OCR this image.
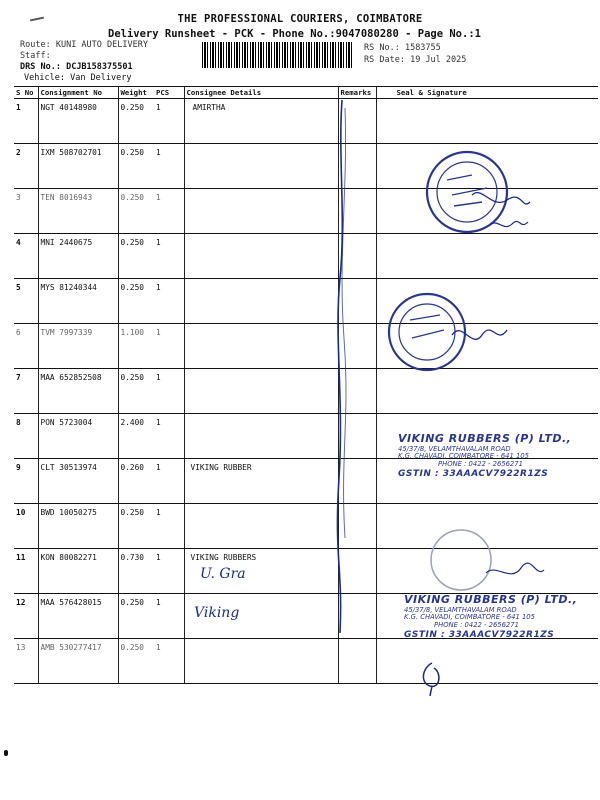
THE PROFESSIONAL COURIERS, COIMBATORE
Delivery Runsheet - PCK - Phone No.:9047080280 - Page No.:1
Route: KUNI AUTO DELIVERY
Staff:
DRS No.: DCJB158375501
Vehicle: Van Delivery
RS No.: 1583755
RS Date: 19 Jul 2025
S No	Consignment No	Weight	PCS	Consignee Details	Remarks	Seal & Signature
1	NGT 40148980	0.250	1	AMIRTHA		
2	IXM 508702701	0.250	1			
3	TEN 8016943	0.250	1			
4	MNI 2440675	0.250	1			
5	MYS 81240344	0.250	1			
6	TVM 7997339	1.100	1			
7	MAA 652852508	0.250	1			
8	PON 5723004	2.400	1			
9	CLT 30513974	0.260	1	VIKING RUBBER		
10	BWD 10050275	0.250	1			
11	KON 80082271	0.730	1	VIKING RUBBERS		
12	MAA 576428015	0.250	1			
13	AMB 530277417	0.250	1			
VIKING RUBBERS (P) LTD.,
45/37/8, VELAMTHAVALAM ROAD
K.G. CHAVADI, COIMBATORE - 641 105
PHONE : 0422 - 2656271
GSTIN : 33AAACV7922R1ZS
U. Gra
Viking
VIKING RUBBERS (P) LTD.,
45/37/8, VELAMTHAVALAM ROAD
K.G. CHAVADI, COIMBATORE - 641 105
PHONE : 0422 - 2656271
GSTIN : 33AAACV7922R1ZS
